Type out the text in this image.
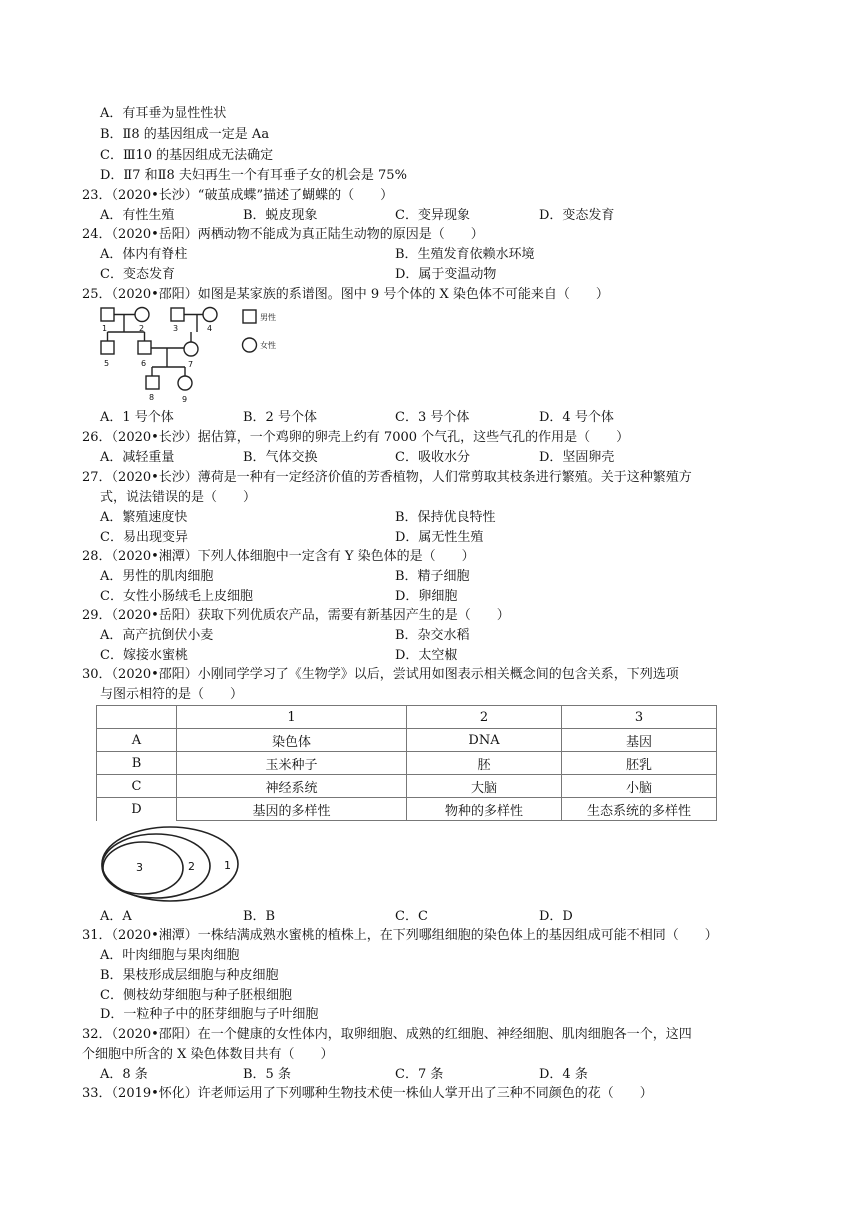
A．有耳垂为显性性状
B．Ⅱ8 的基因组成一定是 Aa
C．Ⅲ10 的基因组成无法确定
D．Ⅱ7 和Ⅱ8 夫妇再生一个有耳垂子女的机会是 75%
23．（2020•长沙）“破茧成蝶”描述了蝴蝶的（　　）
A．有性生殖	B．蜕皮现象	C．变异现象	D．变态发育
24．（2020•岳阳）两栖动物不能成为真正陆生动物的原因是（　　）
A．体内有脊柱	B．生殖发育依赖水环境
C．变态发育	D．属于变温动物
25．（2020•邵阳）如图是某家族的系谱图。图中 9 号个体的 X 染色体不可能来自（　　）
1	2	3	4
5	6	7
8	9
男性
女性
A．1 号个体	B．2 号个体	C．3 号个体	D．4 号个体
26．（2020•长沙）据估算，一个鸡卵的卵壳上约有 7000 个气孔，这些气孔的作用是（　　）
A．减轻重量	B．气体交换	C．吸收水分	D．坚固卵壳
27．（2020•长沙）薄荷是一种有一定经济价值的芳香植物，人们常剪取其枝条进行繁殖。关于这种繁殖方
式，说法错误的是（　　）
A．繁殖速度快	B．保持优良特性
C．易出现变异	D．属无性生殖
28．（2020•湘潭）下列人体细胞中一定含有 Y 染色体的是（　　）
A．男性的肌肉细胞	B．精子细胞
C．女性小肠绒毛上皮细胞	D．卵细胞
29．（2020•岳阳）获取下列优质农产品，需要有新基因产生的是（　　）
A．高产抗倒伏小麦	B．杂交水稻
C．嫁接水蜜桃	D．太空椒
30．（2020•邵阳）小刚同学学习了《生物学》以后，尝试用如图表示相关概念间的包含关系，下列选项
与图示相符的是（　　）
	1	2	3
A	染色体	DNA	基因
B	玉米种子	胚	胚乳
C	神经系统	大脑	小脑
D	基因的多样性	物种的多样性	生态系统的多样性
3	2	1
A．A	B．B	C．C	D．D
31．（2020•湘潭）一株结满成熟水蜜桃的植株上，在下列哪组细胞的染色体上的基因组成可能不相同（　　）
A．叶肉细胞与果肉细胞
B．果枝形成层细胞与种皮细胞
C．侧枝幼芽细胞与种子胚根细胞
D．一粒种子中的胚芽细胞与子叶细胞
32．（2020•邵阳）在一个健康的女性体内，取卵细胞、成熟的红细胞、神经细胞、肌肉细胞各一个，这四
个细胞中所含的 X 染色体数目共有（　　）
A．8 条	B．5 条	C．7 条	D．4 条
33．（2019•怀化）许老师运用了下列哪种生物技术使一株仙人掌开出了三种不同颜色的花（　　）
